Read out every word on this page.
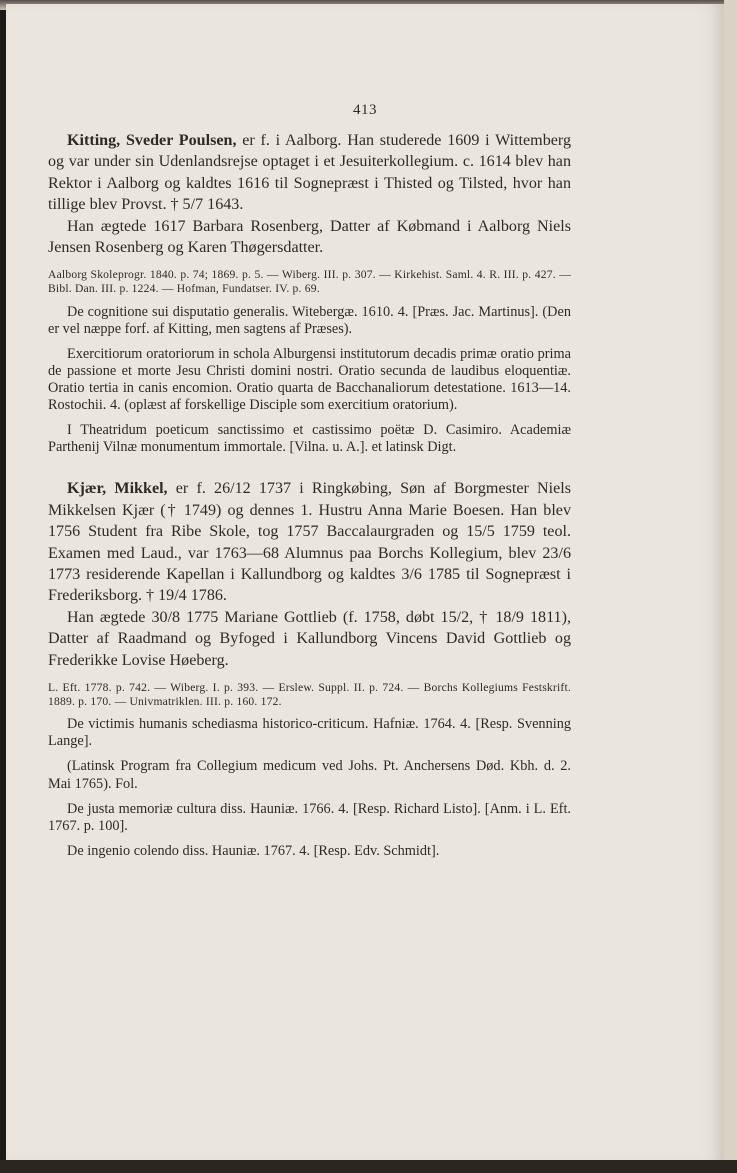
413

Kitting, Sveder Poulsen, er f. i Aalborg. Han studerede 1609 i Wittemberg og var under sin Udenlandsrejse optaget i et Jesuiterkollegium. c. 1614 blev han Rektor i Aalborg og kaldtes 1616 til Sognepræst i Thisted og Tilsted, hvor han tillige blev Provst. † 5/7 1643.

Han ægtede 1617 Barbara Rosenberg, Datter af Købmand i Aalborg Niels Jensen Rosenberg og Karen Thøgersdatter.

Aalborg Skoleprogr. 1840. p. 74; 1869. p. 5. — Wiberg. III. p. 307. — Kirkehist. Saml. 4. R. III. p. 427. — Bibl. Dan. III. p. 1224. — Hofman, Fundatser. IV. p. 69.

De cognitione sui disputatio generalis. Witebergæ. 1610. 4. [Præs. Jac. Martinus]. (Den er vel næppe forf. af Kitting, men sagtens af Præses).

Exercitiorum oratoriorum in schola Alburgensi institutorum decadis primæ oratio prima de passione et morte Jesu Christi domini nostri. Oratio secunda de laudibus eloquentiæ. Oratio tertia in canis encomion. Oratio quarta de Bacchanaliorum detestatione. 1613—14. Rostochii. 4. (oplæst af forskellige Disciple som exercitium oratorium).

I Theatridum poeticum sanctissimo et castissimo poëtæ D. Casimiro. Academiæ Parthenij Vilnæ monumentum immortale. [Vilna. u. A.]. et latinsk Digt.

Kjær, Mikkel, er f. 26/12 1737 i Ringkøbing, Søn af Borgmester Niels Mikkelsen Kjær († 1749) og dennes 1. Hustru Anna Marie Boesen. Han blev 1756 Student fra Ribe Skole, tog 1757 Baccalaurgraden og 15/5 1759 teol. Examen med Laud., var 1763—68 Alumnus paa Borchs Kollegium, blev 23/6 1773 residerende Kapellan i Kallundborg og kaldtes 3/6 1785 til Sognepræst i Frederiksborg. † 19/4 1786.

Han ægtede 30/8 1775 Mariane Gottlieb (f. 1758, døbt 15/2, † 18/9 1811), Datter af Raadmand og Byfoged i Kallundborg Vincens David Gottlieb og Frederikke Lovise Høeberg.

L. Eft. 1778. p. 742. — Wiberg. I. p. 393. — Erslew. Suppl. II. p. 724. — Borchs Kollegiums Festskrift. 1889. p. 170. — Univmatriklen. III. p. 160. 172.

De victimis humanis schediasma historico-criticum. Hafniæ. 1764. 4. [Resp. Svenning Lange].

(Latinsk Program fra Collegium medicum ved Johs. Pt. Anchersens Død. Kbh. d. 2. Mai 1765). Fol.

De justa memoriæ cultura diss. Hauniæ. 1766. 4. [Resp. Richard Listo]. [Anm. i L. Eft. 1767. p. 100].

De ingenio colendo diss. Hauniæ. 1767. 4. [Resp. Edv. Schmidt].
